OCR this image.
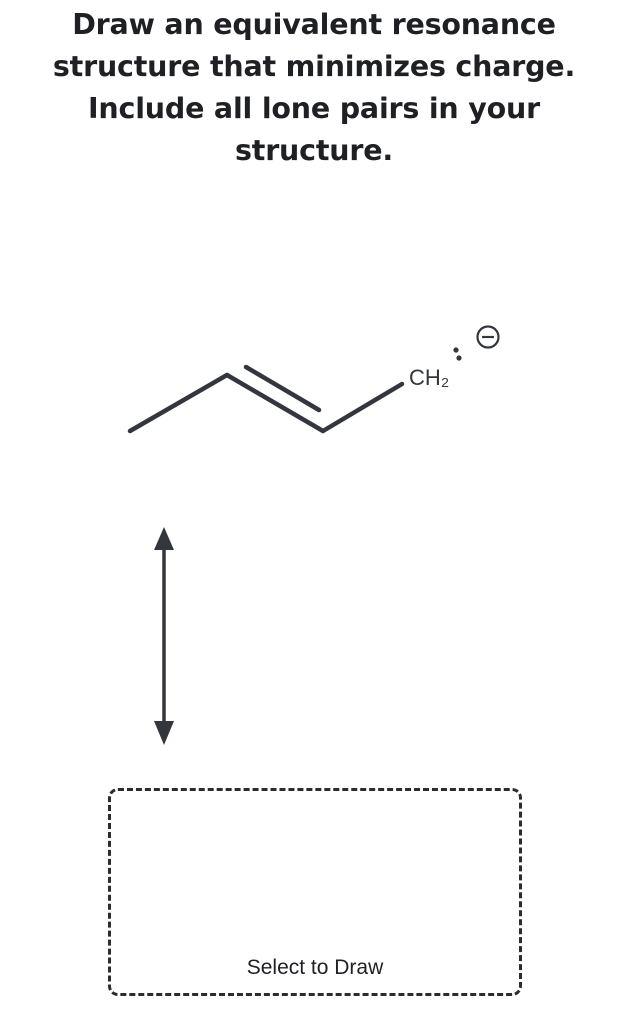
Draw an equivalent resonance
structure that minimizes charge.
Include all lone pairs in your
structure.
CH₂
Select to Draw
